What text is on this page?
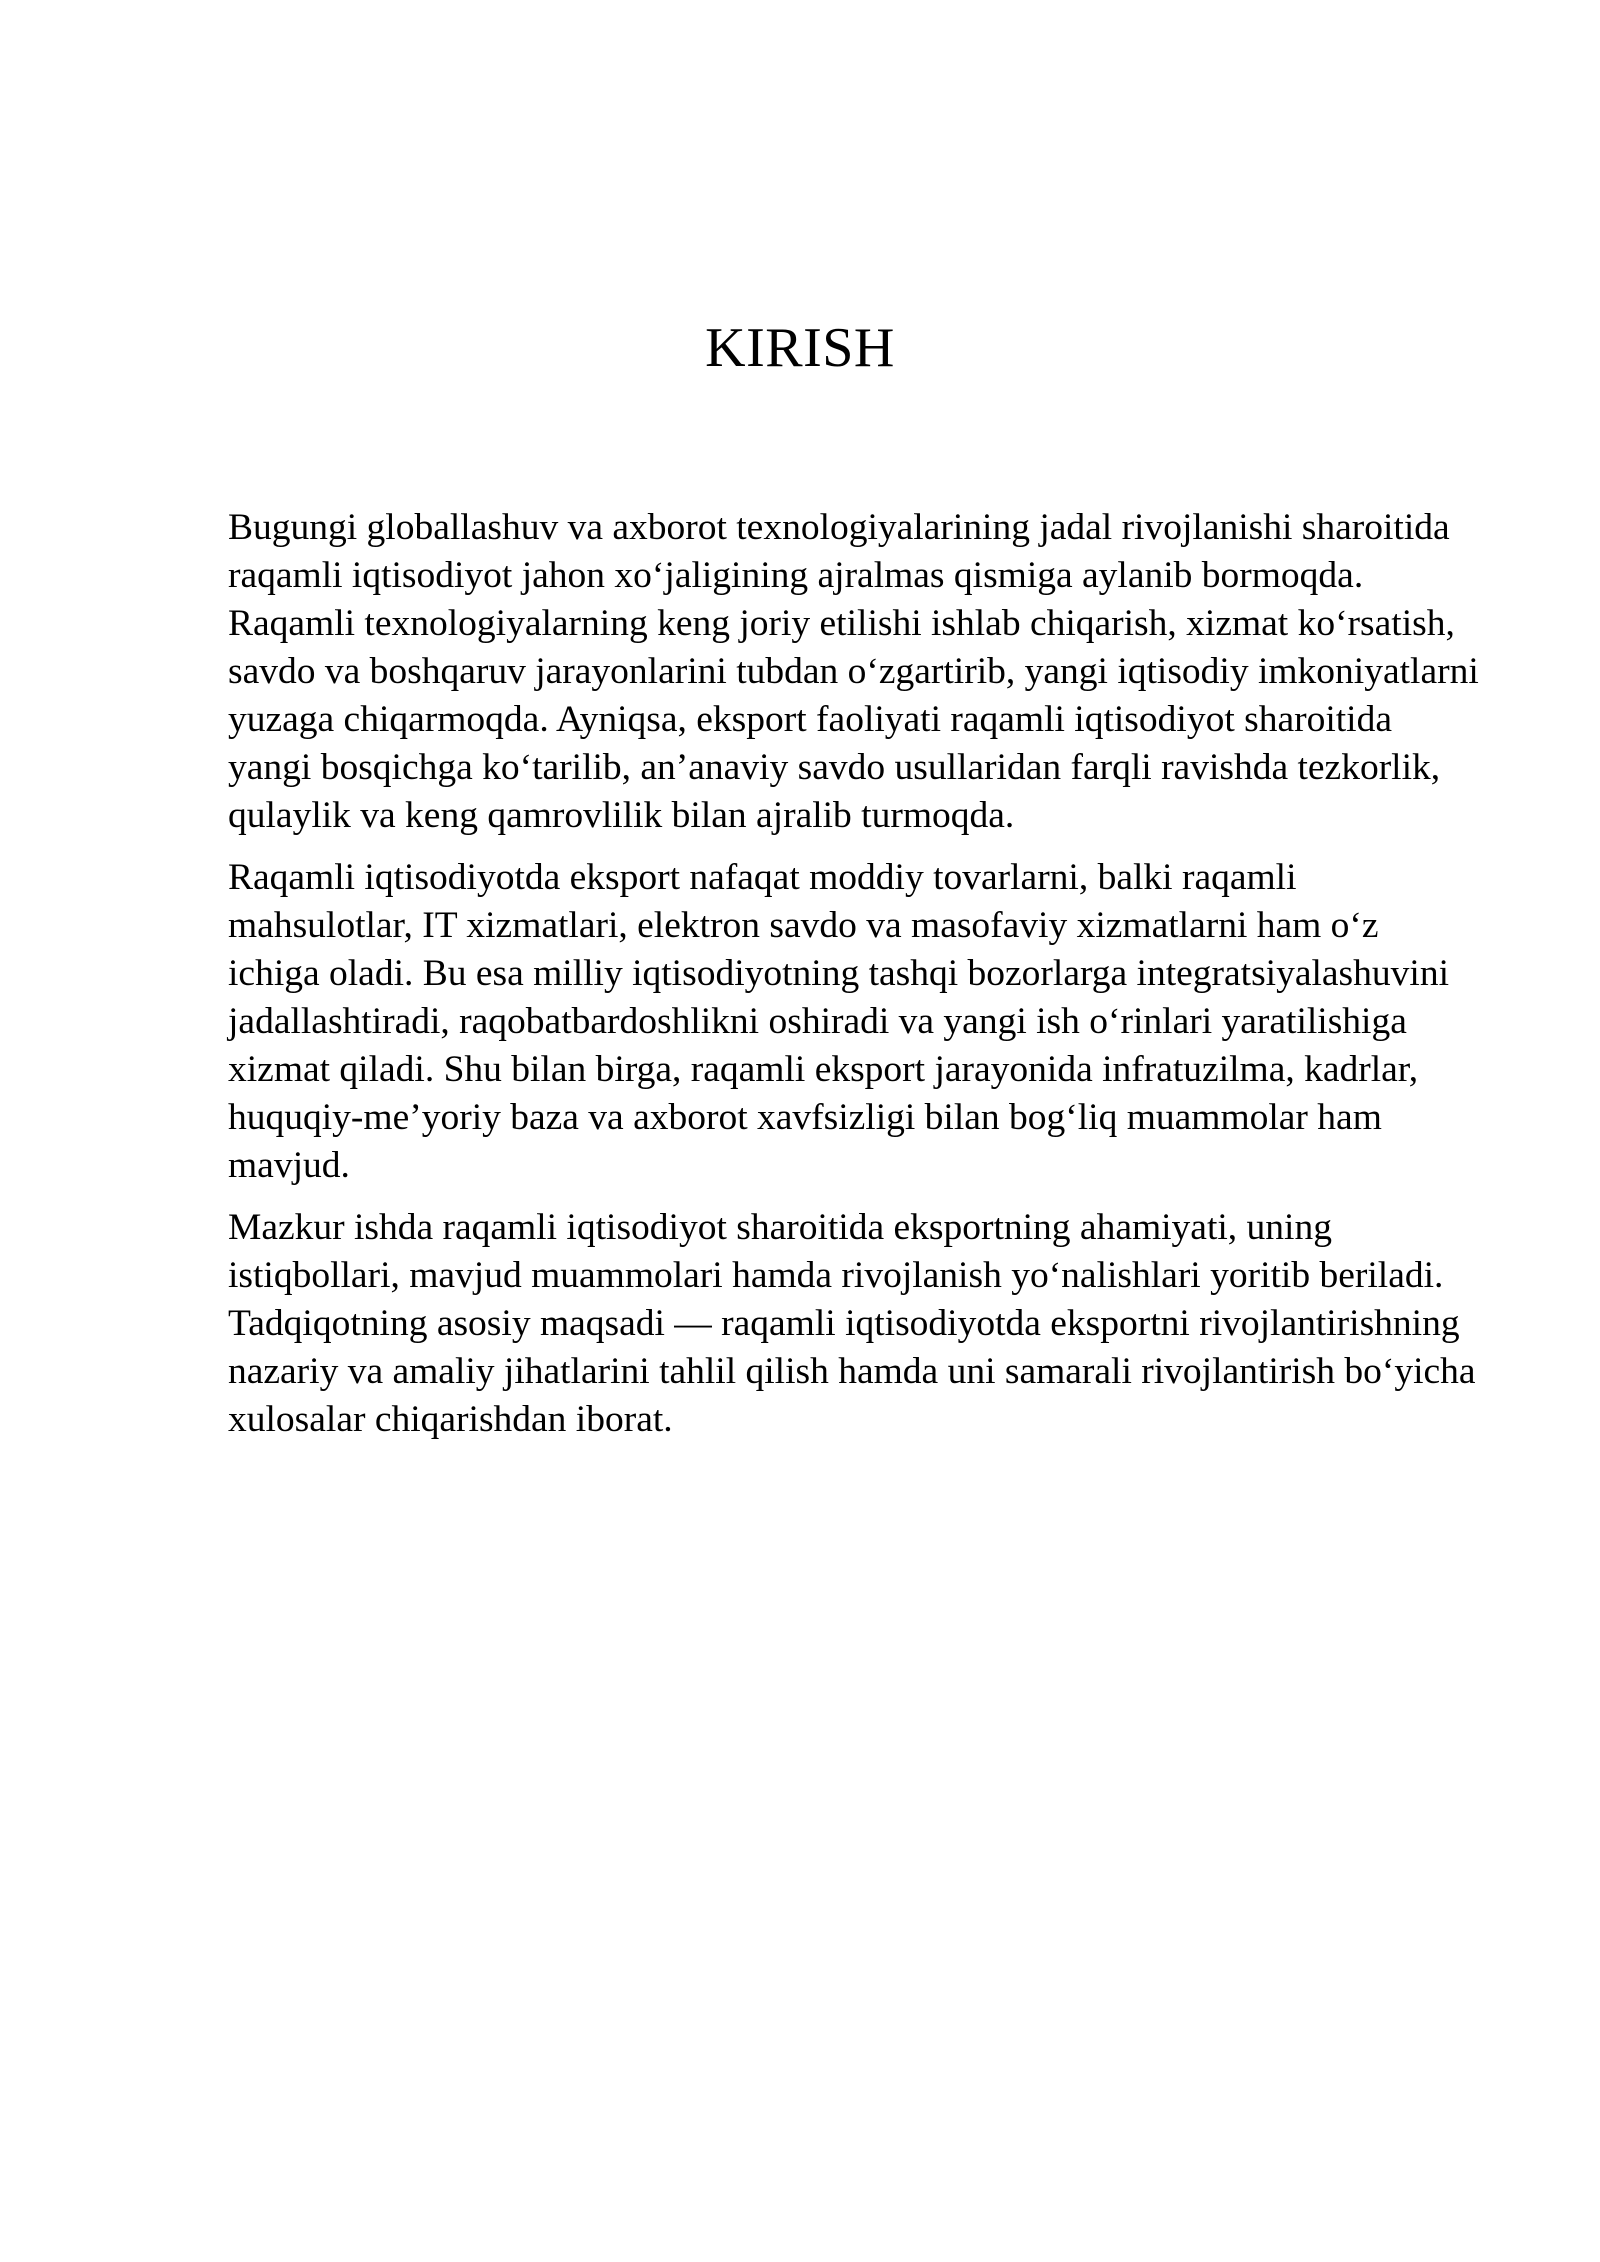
KIRISH

Bugungi globallashuv va axborot texnologiyalarining jadal rivojlanishi sharoitida
raqamli iqtisodiyot jahon xo‘jaligining ajralmas qismiga aylanib bormoqda.
Raqamli texnologiyalarning keng joriy etilishi ishlab chiqarish, xizmat ko‘rsatish,
savdo va boshqaruv jarayonlarini tubdan o‘zgartirib, yangi iqtisodiy imkoniyatlarni
yuzaga chiqarmoqda. Ayniqsa, eksport faoliyati raqamli iqtisodiyot sharoitida
yangi bosqichga ko‘tarilib, an’anaviy savdo usullaridan farqli ravishda tezkorlik,
qulaylik va keng qamrovlilik bilan ajralib turmoqda.

Raqamli iqtisodiyotda eksport nafaqat moddiy tovarlarni, balki raqamli
mahsulotlar, IT xizmatlari, elektron savdo va masofaviy xizmatlarni ham o‘z
ichiga oladi. Bu esa milliy iqtisodiyotning tashqi bozorlarga integratsiyalashuvini
jadallashtiradi, raqobatbardoshlikni oshiradi va yangi ish o‘rinlari yaratilishiga
xizmat qiladi. Shu bilan birga, raqamli eksport jarayonida infratuzilma, kadrlar,
huquqiy-me’yoriy baza va axborot xavfsizligi bilan bog‘liq muammolar ham
mavjud.

Mazkur ishda raqamli iqtisodiyot sharoitida eksportning ahamiyati, uning
istiqbollari, mavjud muammolari hamda rivojlanish yo‘nalishlari yoritib beriladi.
Tadqiqotning asosiy maqsadi — raqamli iqtisodiyotda eksportni rivojlantirishning
nazariy va amaliy jihatlarini tahlil qilish hamda uni samarali rivojlantirish bo‘yicha
xulosalar chiqarishdan iborat.
